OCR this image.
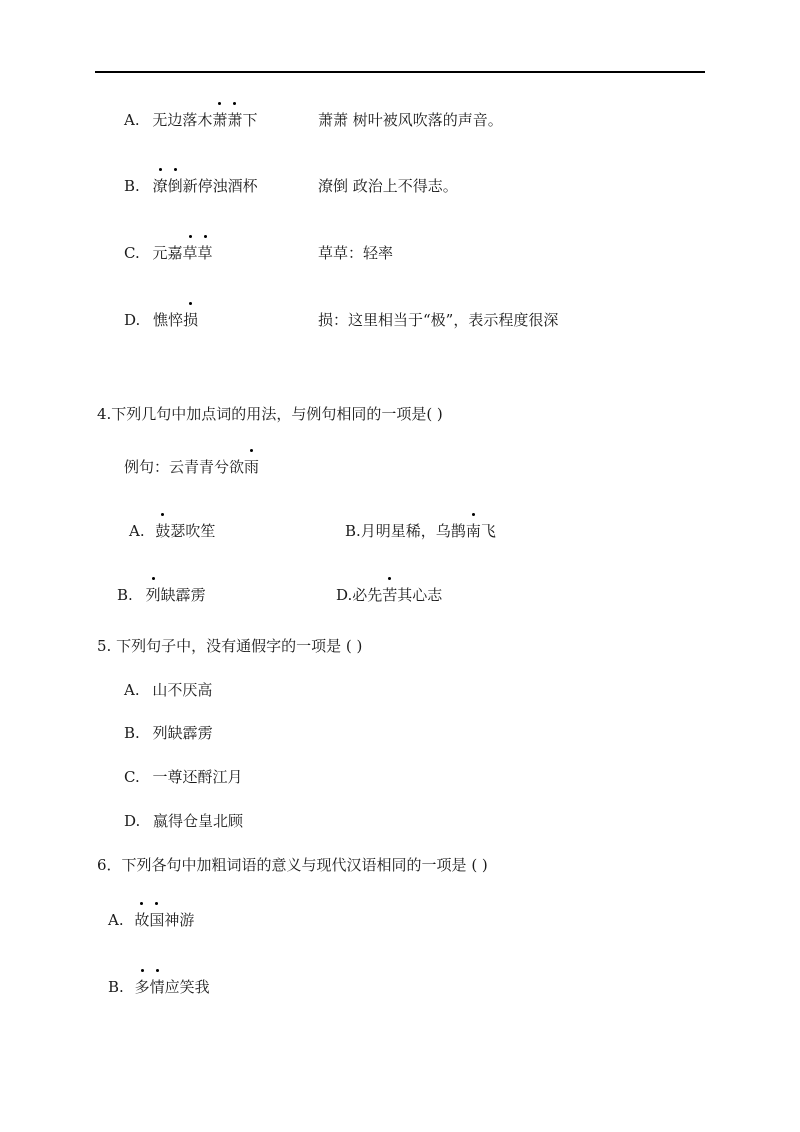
A. 无边落木萧萧下	萧萧 树叶被风吹落的声音。
B. 潦倒新停浊酒杯	潦倒 政治上不得志。
C. 元嘉草草	草草：轻率
D. 憔悴损	损：这里相当于“极”，表示程度很深
4.下列几句中加点词的用法，与例句相同的一项是( )
例句：云青青兮欲雨
A. 鼓瑟吹笙	B.月明星稀，乌鹊南飞
B. 列缺霹雳	D.必先苦其心志
5. 下列句子中，没有通假字的一项是 ( )
A. 山不厌高
B. 列缺霹雳
C. 一尊还酹江月
D. 嬴得仓皇北顾
6．下列各句中加粗词语的意义与现代汉语相同的一项是 ( )
A. 故国神游
B. 多情应笑我
